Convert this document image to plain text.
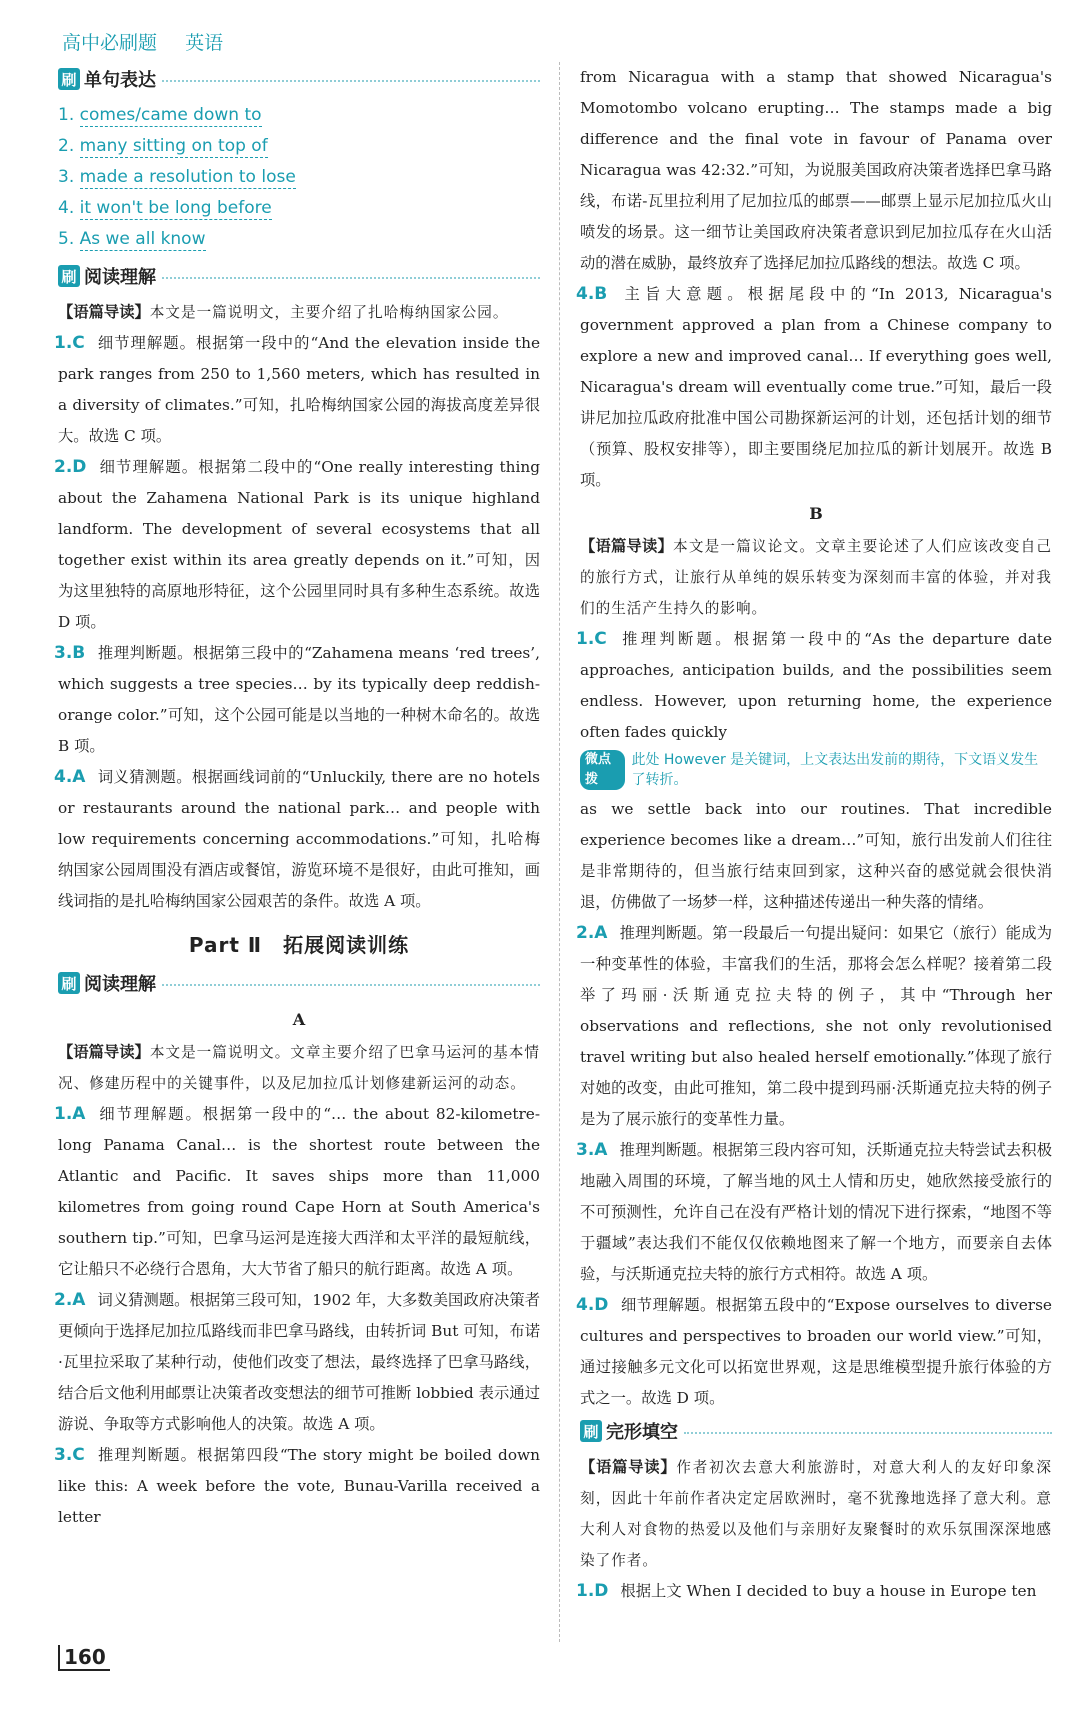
高中必刷题 英语
刷 单句表达
1. comes/came down to
2. many sitting on top of
3. made a resolution to lose
4. it won't be long before
5. As we all know
刷 阅读理解

【语篇导读】本文是一篇说明文，主要介绍了扎哈梅纳国家公园。

1.C 细节理解题。根据第一段中的“And the elevation inside the park ranges from 250 to 1,560 meters, which has resulted in a diversity of climates.”可知，扎哈梅纳国家公园的海拔高度差异很大。故选 C 项。

2.D 细节理解题。根据第二段中的“One really interesting thing about the Zahamena National Park is its unique highland landform. The development of several ecosystems that all together exist within its area greatly depends on it.”可知，因为这里独特的高原地形特征，这个公园里同时具有多种生态系统。故选 D 项。

3.B 推理判断题。根据第三段中的“Zahamena means ‘red trees’, which suggests a tree species… by its typically deep reddish-orange color.”可知，这个公园可能是以当地的一种树木命名的。故选 B 项。

4.A 词义猜测题。根据画线词前的“Unluckily, there are no hotels or restaurants around the national park… and people with low requirements concerning accommodations.”可知，扎哈梅纳国家公园周围没有酒店或餐馆，游览环境不是很好，由此可推知，画线词指的是扎哈梅纳国家公园艰苦的条件。故选 A 项。

Part Ⅱ　拓展阅读训练
刷 阅读理解
A

【语篇导读】本文是一篇说明文。文章主要介绍了巴拿马运河的基本情况、修建历程中的关键事件，以及尼加拉瓜计划修建新运河的动态。

1.A 细节理解题。根据第一段中的“… the about 82-kilometre-long Panama Canal… is the shortest route between the Atlantic and Pacific. It saves ships more than 11,000 kilometres from going round Cape Horn at South America's southern tip.”可知，巴拿马运河是连接大西洋和太平洋的最短航线，它让船只不必绕行合恩角，大大节省了船只的航行距离。故选 A 项。

2.A 词义猜测题。根据第三段可知，1902 年，大多数美国政府决策者更倾向于选择尼加拉瓜路线而非巴拿马路线，由转折词 But 可知，布诺·瓦里拉采取了某种行动，使他们改变了想法，最终选择了巴拿马路线，结合后文他利用邮票让决策者改变想法的细节可推断 lobbied 表示通过游说、争取等方式影响他人的决策。故选 A 项。

3.C 推理判断题。根据第四段“The story might be boiled down like this: A week before the vote, Bunau-Varilla received a letter

from Nicaragua with a stamp that showed Nicaragua's Momotombo volcano erupting… The stamps made a big difference and the final vote in favour of Panama over Nicaragua was 42:32.”可知，为说服美国政府决策者选择巴拿马路线，布诺-瓦里拉利用了尼加拉瓜的邮票——邮票上显示尼加拉瓜火山喷发的场景。这一细节让美国政府决策者意识到尼加拉瓜存在火山活动的潜在威胁，最终放弃了选择尼加拉瓜路线的想法。故选 C 项。

4.B 主旨大意题。根据尾段中的“In 2013, Nicaragua's government approved a plan from a Chinese company to explore a new and improved canal… If everything goes well, Nicaragua's dream will eventually come true.”可知，最后一段讲尼加拉瓜政府批准中国公司勘探新运河的计划，还包括计划的细节（预算、股权安排等），即主要围绕尼加拉瓜的新计划展开。故选 B 项。

B

【语篇导读】本文是一篇议论文。文章主要论述了人们应该改变自己的旅行方式，让旅行从单纯的娱乐转变为深刻而丰富的体验，并对我们的生活产生持久的影响。

1.C 推理判断题。根据第一段中的“As the departure date approaches, anticipation builds, and the possibilities seem endless. However, upon returning home, the experience often fades quickly

微点拨
此处 However 是关键词，上文表达出发前的期待，下文语义发生了转折。

as we settle back into our routines. That incredible experience becomes like a dream…”可知，旅行出发前人们往往是非常期待的，但当旅行结束回到家，这种兴奋的感觉就会很快消退，仿佛做了一场梦一样，这种描述传递出一种失落的情绪。

2.A 推理判断题。第一段最后一句提出疑问：如果它（旅行）能成为一种变革性的体验，丰富我们的生活，那将会怎么样呢？接着第二段举了玛丽·沃斯通克拉夫特的例子，其中“Through her observations and reflections, she not only revolutionised travel writing but also healed herself emotionally.”体现了旅行对她的改变，由此可推知，第二段中提到玛丽·沃斯通克拉夫特的例子是为了展示旅行的变革性力量。

3.A 推理判断题。根据第三段内容可知，沃斯通克拉夫特尝试去积极地融入周围的环境，了解当地的风土人情和历史，她欣然接受旅行的不可预测性，允许自己在没有严格计划的情况下进行探索，“地图不等于疆域”表达我们不能仅仅依赖地图来了解一个地方，而要亲自去体验，与沃斯通克拉夫特的旅行方式相符。故选 A 项。

4.D 细节理解题。根据第五段中的“Expose ourselves to diverse cultures and perspectives to broaden our world view.”可知，通过接触多元文化可以拓宽世界观，这是思维模型提升旅行体验的方式之一。故选 D 项。

刷 完形填空

【语篇导读】作者初次去意大利旅游时，对意大利人的友好印象深刻，因此十年前作者决定定居欧洲时，毫不犹豫地选择了意大利。意大利人对食物的热爱以及他们与亲朋好友聚餐时的欢乐氛围深深地感染了作者。

1.D 根据上文 When I decided to buy a house in Europe ten

160
